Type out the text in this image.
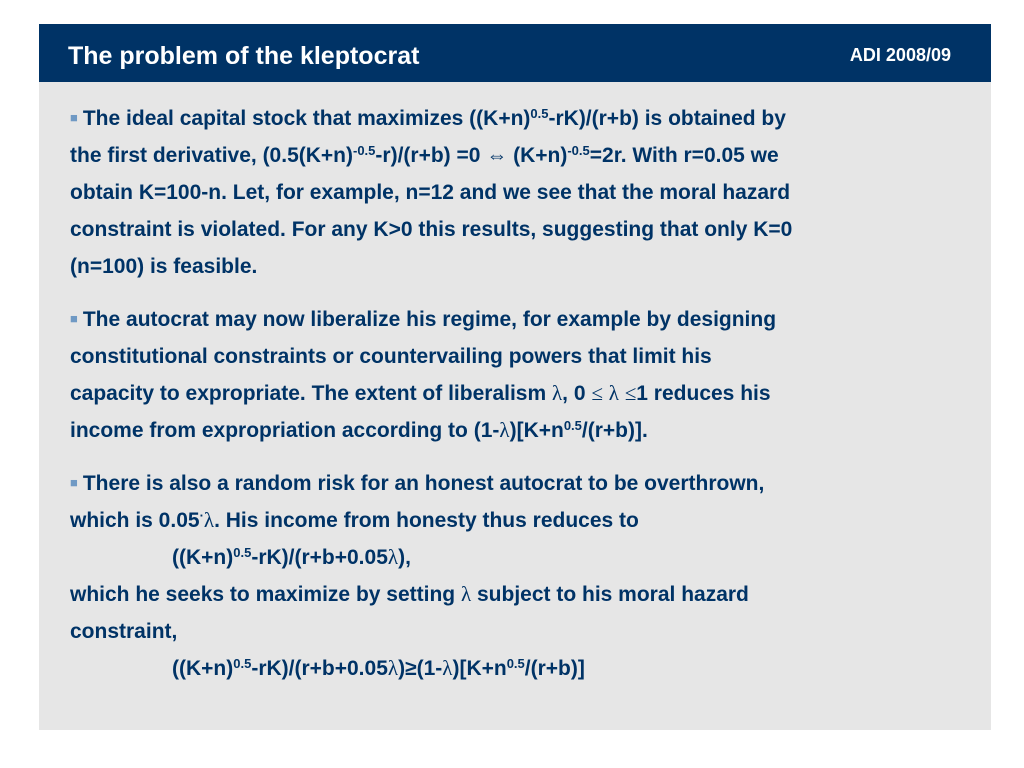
The problem of the kleptocrat	ADI 2008/09
■ The ideal capital stock that maximizes $((K+n)^{0.5}-rK)/(r+b)$ is obtained by
the first derivative, $(0.5(K+n)^{-0.5}-r)/(r+b) =0$ ⇔ $(K+n)^{-0.5}=2r$. With r=0.05 we
obtain K=100-n. Let, for example, n=12 and we see that the moral hazard
constraint is violated. For any K>0 this results, suggesting that only K=0
(n=100) is feasible.
■ The autocrat may now liberalize his regime, for example by designing
constitutional constraints or countervailing powers that limit his
capacity to expropriate. The extent of liberalism λ, 0 ≤ λ ≤1 reduces his
income from expropriation according to $(1-\lambda)[K+n^{0.5}/(r+b)]$.
■ There is also a random risk for an honest autocrat to be overthrown,
which is 0.05·λ. His income from honesty thus reduces to
$((K+n)^{0.5}-rK)/(r+b+0.05\lambda)$,
which he seeks to maximize by setting λ subject to his moral hazard
constraint,
$((K+n)^{0.5}-rK)/(r+b+0.05\lambda)\ge(1-\lambda)[K+n^{0.5}/(r+b)]$
